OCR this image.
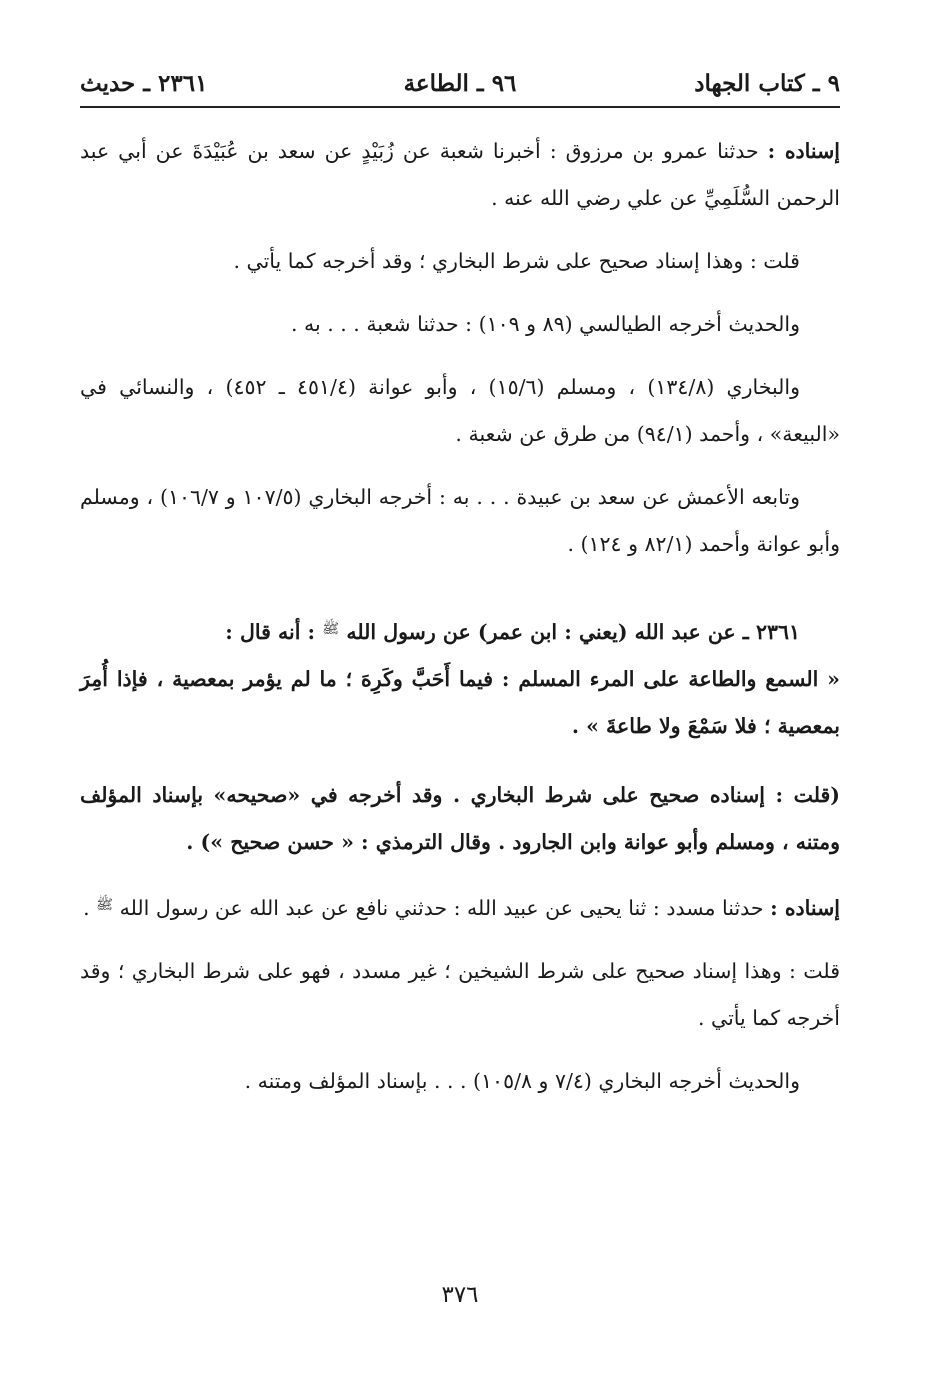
٩ ـ كتاب الجهاد
٩٦ ـ الطاعة
٢٣٦١ ـ حديث

إسناده : حدثنا عمرو بن مرزوق : أخبرنا شعبة عن زُبَيْدٍ عن سعد بن عُبَيْدَةَ عن أبي عبد الرحمن السُّلَمِيِّ عن علي رضي الله عنه .

قلت : وهذا إسناد صحيح على شرط البخاري ؛ وقد أخرجه كما يأتي .

والحديث أخرجه الطيالسي (٨٩ و ١٠٩) : حدثنا شعبة . . . به .

والبخاري (١٣٤/٨) ، ومسلم (١٥/٦) ، وأبو عوانة (٤٥١/٤ ـ ٤٥٢) ، والنسائي في «البيعة» ، وأحمد (٩٤/١) من طرق عن شعبة .

وتابعه الأعمش عن سعد بن عبيدة . . . به : أخرجه البخاري (١٠٧/٥ و ١٠٦/٧) ، ومسلم وأبو عوانة وأحمد (٨٢/١ و ١٢٤) .

٢٣٦١ ـ عن عبد الله (يعني : ابن عمر) عن رسول الله $^ﷺ$ : أنه قال :

« السمع والطاعة على المرء المسلم : فيما أَحَبَّ وكَرِهَ ؛ ما لم يؤمر بمعصية ، فإذا أُمِرَ بمعصية ؛ فلا سَمْعَ ولا طاعةَ » .

(قلت : إسناده صحيح على شرط البخاري . وقد أخرجه في «صحيحه» بإسناد المؤلف ومتنه ، ومسلم وأبو عوانة وابن الجارود . وقال الترمذي : « حسن صحيح ») .

إسناده : حدثنا مسدد : ثنا يحيى عن عبيد الله : حدثني نافع عن عبد الله عن رسول الله $^ﷺ$ .

قلت : وهذا إسناد صحيح على شرط الشيخين ؛ غير مسدد ، فهو على شرط البخاري ؛ وقد أخرجه كما يأتي .

والحديث أخرجه البخاري (٧/٤ و ١٠٥/٨) . . . بإسناد المؤلف ومتنه .

٣٧٦
